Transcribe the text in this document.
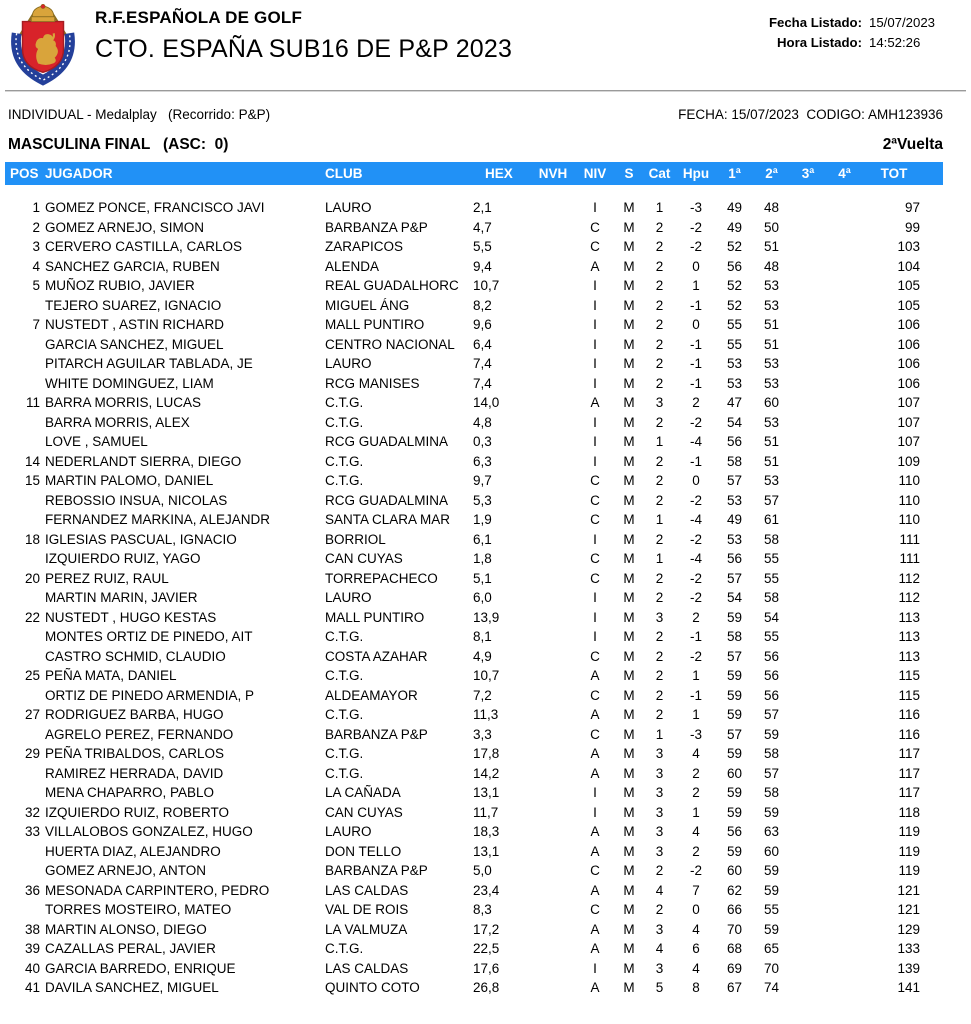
R.F.ESPAÑOLA DE GOLF
CTO. ESPAÑA SUB16 DE P&P 2023
Fecha Listado: 15/07/2023
Hora Listado: 14:52:26
INDIVIDUAL - Medalplay   (Recorrido: P&P)	FECHA: 15/07/2023  CODIGO: AMH123936
MASCULINA FINAL   (ASC:  0)	2ªVuelta
POS	JUGADOR	CLUB	HEX	NVH	NIV	S	Cat	Hpu	1ª	2ª	3ª	4ª	TOT
1	GOMEZ PONCE, FRANCISCO JAVI	LAURO	2,1		I	M	1	-3	49	48			97
2	GOMEZ ARNEJO, SIMON	BARBANZA P&P	4,7		C	M	2	-2	49	50			99
3	CERVERO CASTILLA, CARLOS	ZARAPICOS	5,5		C	M	2	-2	52	51			103
4	SANCHEZ GARCIA, RUBEN	ALENDA	9,4		A	M	2	0	56	48			104
5	MUÑOZ RUBIO, JAVIER	REAL GUADALHORC	10,7		I	M	2	1	52	53			105
	TEJERO SUAREZ, IGNACIO	MIGUEL ÁNG	8,2		I	M	2	-1	52	53			105
7	NUSTEDT , ASTIN RICHARD	MALL PUNTIRO	9,6		I	M	2	0	55	51			106
	GARCIA SANCHEZ, MIGUEL	CENTRO NACIONAL	6,4		I	M	2	-1	55	51			106
	PITARCH AGUILAR TABLADA, JE	LAURO	7,4		I	M	2	-1	53	53			106
	WHITE DOMINGUEZ, LIAM	RCG MANISES	7,4		I	M	2	-1	53	53			106
11	BARRA MORRIS, LUCAS	C.T.G.	14,0		A	M	3	2	47	60			107
	BARRA MORRIS, ALEX	C.T.G.	4,8		I	M	2	-2	54	53			107
	LOVE , SAMUEL	RCG GUADALMINA	0,3		I	M	1	-4	56	51			107
14	NEDERLANDT SIERRA, DIEGO	C.T.G.	6,3		I	M	2	-1	58	51			109
15	MARTIN PALOMO, DANIEL	C.T.G.	9,7		C	M	2	0	57	53			110
	REBOSSIO INSUA, NICOLAS	RCG GUADALMINA	5,3		C	M	2	-2	53	57			110
	FERNANDEZ MARKINA, ALEJANDR	SANTA CLARA MAR	1,9		C	M	1	-4	49	61			110
18	IGLESIAS PASCUAL, IGNACIO	BORRIOL	6,1		I	M	2	-2	53	58			111
	IZQUIERDO RUIZ, YAGO	CAN CUYAS	1,8		C	M	1	-4	56	55			111
20	PEREZ RUIZ, RAUL	TORREPACHECO	5,1		C	M	2	-2	57	55			112
	MARTIN MARIN, JAVIER	LAURO	6,0		I	M	2	-2	54	58			112
22	NUSTEDT , HUGO KESTAS	MALL PUNTIRO	13,9		I	M	3	2	59	54			113
	MONTES ORTIZ DE PINEDO, AIT	C.T.G.	8,1		I	M	2	-1	58	55			113
	CASTRO SCHMID, CLAUDIO	COSTA AZAHAR	4,9		C	M	2	-2	57	56			113
25	PEÑA MATA, DANIEL	C.T.G.	10,7		A	M	2	1	59	56			115
	ORTIZ DE PINEDO ARMENDIA, P	ALDEAMAYOR	7,2		C	M	2	-1	59	56			115
27	RODRIGUEZ BARBA, HUGO	C.T.G.	11,3		A	M	2	1	59	57			116
	AGRELO PEREZ, FERNANDO	BARBANZA P&P	3,3		C	M	1	-3	57	59			116
29	PEÑA TRIBALDOS, CARLOS	C.T.G.	17,8		A	M	3	4	59	58			117
	RAMIREZ HERRADA, DAVID	C.T.G.	14,2		A	M	3	2	60	57			117
	MENA CHAPARRO, PABLO	LA CAÑADA	13,1		I	M	3	2	59	58			117
32	IZQUIERDO RUIZ, ROBERTO	CAN CUYAS	11,7		I	M	3	1	59	59			118
33	VILLALOBOS GONZALEZ, HUGO	LAURO	18,3		A	M	3	4	56	63			119
	HUERTA DIAZ, ALEJANDRO	DON TELLO	13,1		A	M	3	2	59	60			119
	GOMEZ ARNEJO, ANTON	BARBANZA P&P	5,0		C	M	2	-2	60	59			119
36	MESONADA CARPINTERO, PEDRO	LAS CALDAS	23,4		A	M	4	7	62	59			121
	TORRES MOSTEIRO, MATEO	VAL DE ROIS	8,3		C	M	2	0	66	55			121
38	MARTIN ALONSO, DIEGO	LA VALMUZA	17,2		A	M	3	4	70	59			129
39	CAZALLAS PERAL, JAVIER	C.T.G.	22,5		A	M	4	6	68	65			133
40	GARCIA BARREDO, ENRIQUE	LAS CALDAS	17,6		I	M	3	4	69	70			139
41	DAVILA SANCHEZ, MIGUEL	QUINTO COTO	26,8		A	M	5	8	67	74			141
